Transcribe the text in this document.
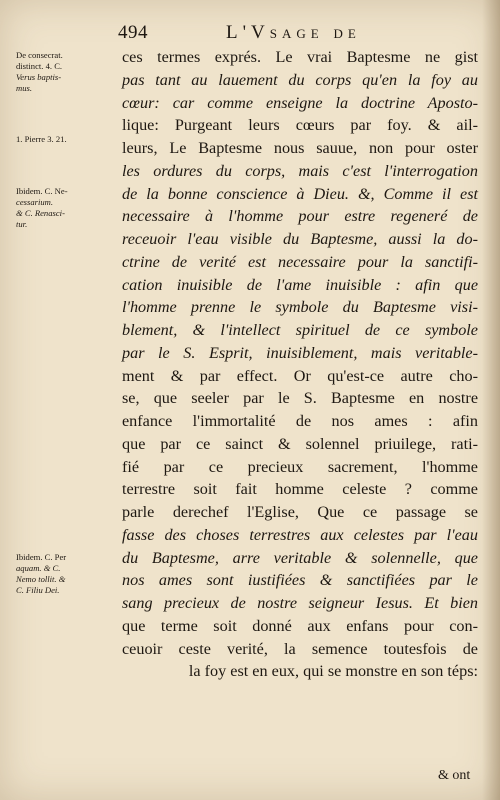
494	L'Vsage de
De consecrat.
distinct. 4. C.
Verus baptis-
mus.
1. Pierre 3. 21.
Ibidem. C. Ne-
cessarium.
& C. Renasci-
tur.
Ibidem. C. Per
aquam. & C.
Nemo tollit. &
C. Filiu Dei.
ces termes exprés. Le vrai Baptesme ne gist
pas tant au lauement du corps qu'en la foy au
cœur: car comme enseigne la doctrine Aposto-
lique: Purgeant leurs cœurs par foy. & ail-
leurs, Le Baptesme nous sauue, non pour oster
les ordures du corps, mais c'est l'interrogation
de la bonne conscience à Dieu. &, Comme il est
necessaire à l'homme pour estre regeneré de
receuoir l'eau visible du Baptesme, aussi la do-
ctrine de verité est necessaire pour la sanctifi-
cation inuisible de l'ame inuisible : afin que
l'homme prenne le symbole du Baptesme visi-
blement, & l'intellect spirituel de ce symbole
par le S. Esprit, inuisiblement, mais veritable-
ment & par effect. Or qu'est-ce autre cho-
se, que seeler par le S. Baptesme en nostre
enfance l'immortalité de nos ames : afin
que par ce sainct & solennel priuilege, rati-
fié par ce precieux sacrement, l'homme
terrestre soit fait homme celeste ? comme
parle derechef l'Eglise, Que ce passage se
fasse des choses terrestres aux celestes par l'eau
du Baptesme, arre veritable & solennelle, que
nos ames sont iustifiées & sanctifiées par le
sang precieux de nostre seigneur Iesus. Et bien
que terme soit donné aux enfans pour con-
ceuoir ceste verité, la semence toutesfois de
la foy est en eux, qui se monstre en son téps:
& ont
